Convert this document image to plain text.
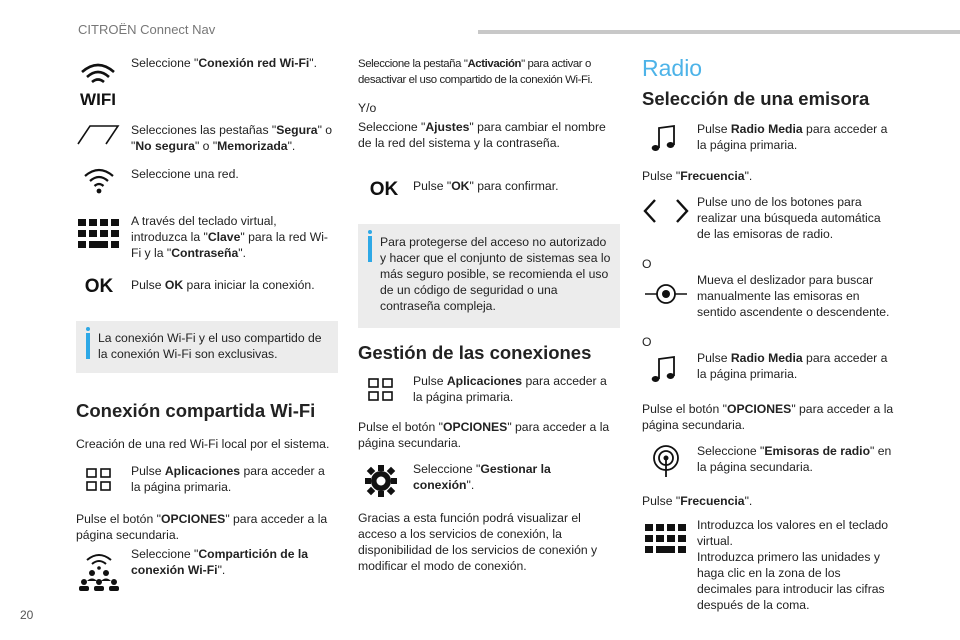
CITROËN Connect Nav
WIFI

Seleccione "Conexión red Wi-Fi".

Selecciones las pestañas "Segura" o "No segura" o "Memorizada".

Seleccione una red.

A través del teclado virtual, introduzca la "Clave" para la red Wi-Fi y la "Contraseña".

OK Pulse OK para iniciar la conexión.

La conexión Wi-Fi y el uso compartido de la conexión Wi-Fi son exclusivas.
Conexión compartida Wi-Fi

Creación de una red Wi-Fi local por el sistema.

Pulse Aplicaciones para acceder a la página primaria.

Pulse el botón "OPCIONES" para acceder a la página secundaria.

Seleccione "Compartición de la conexión Wi-Fi".

Seleccione la pestaña "Activación" para activar o desactivar el uso compartido de la conexión Wi-Fi.

Y/o

Seleccione "Ajustes" para cambiar el nombre de la red del sistema y la contraseña.

OK Pulse "OK" para confirmar.

Para protegerse del acceso no autorizado y hacer que el conjunto de sistemas sea lo más seguro posible, se recomienda el uso de un código de seguridad o una contraseña compleja.
Gestión de las conexiones

Pulse Aplicaciones para acceder a la página primaria.

Pulse el botón "OPCIONES" para acceder a la página secundaria.

Seleccione "Gestionar la conexión".

Gracias a esta función podrá visualizar el acceso a los servicios de conexión, la disponibilidad de los servicios de conexión y modificar el modo de conexión.

Radio
Selección de una emisora

Pulse Radio Media para acceder a la página primaria.

Pulse "Frecuencia".

Pulse uno de los botones para realizar una búsqueda automática de las emisoras de radio.

O

Mueva el deslizador para buscar manualmente las emisoras en sentido ascendente o descendente.

O

Pulse Radio Media para acceder a la página primaria.

Pulse el botón "OPCIONES" para acceder a la página secundaria.

Seleccione "Emisoras de radio" en la página secundaria.

Pulse "Frecuencia".

Introduzca los valores en el teclado virtual.
Introduzca primero las unidades y haga clic en la zona de los decimales para introducir las cifras después de la coma.

20
